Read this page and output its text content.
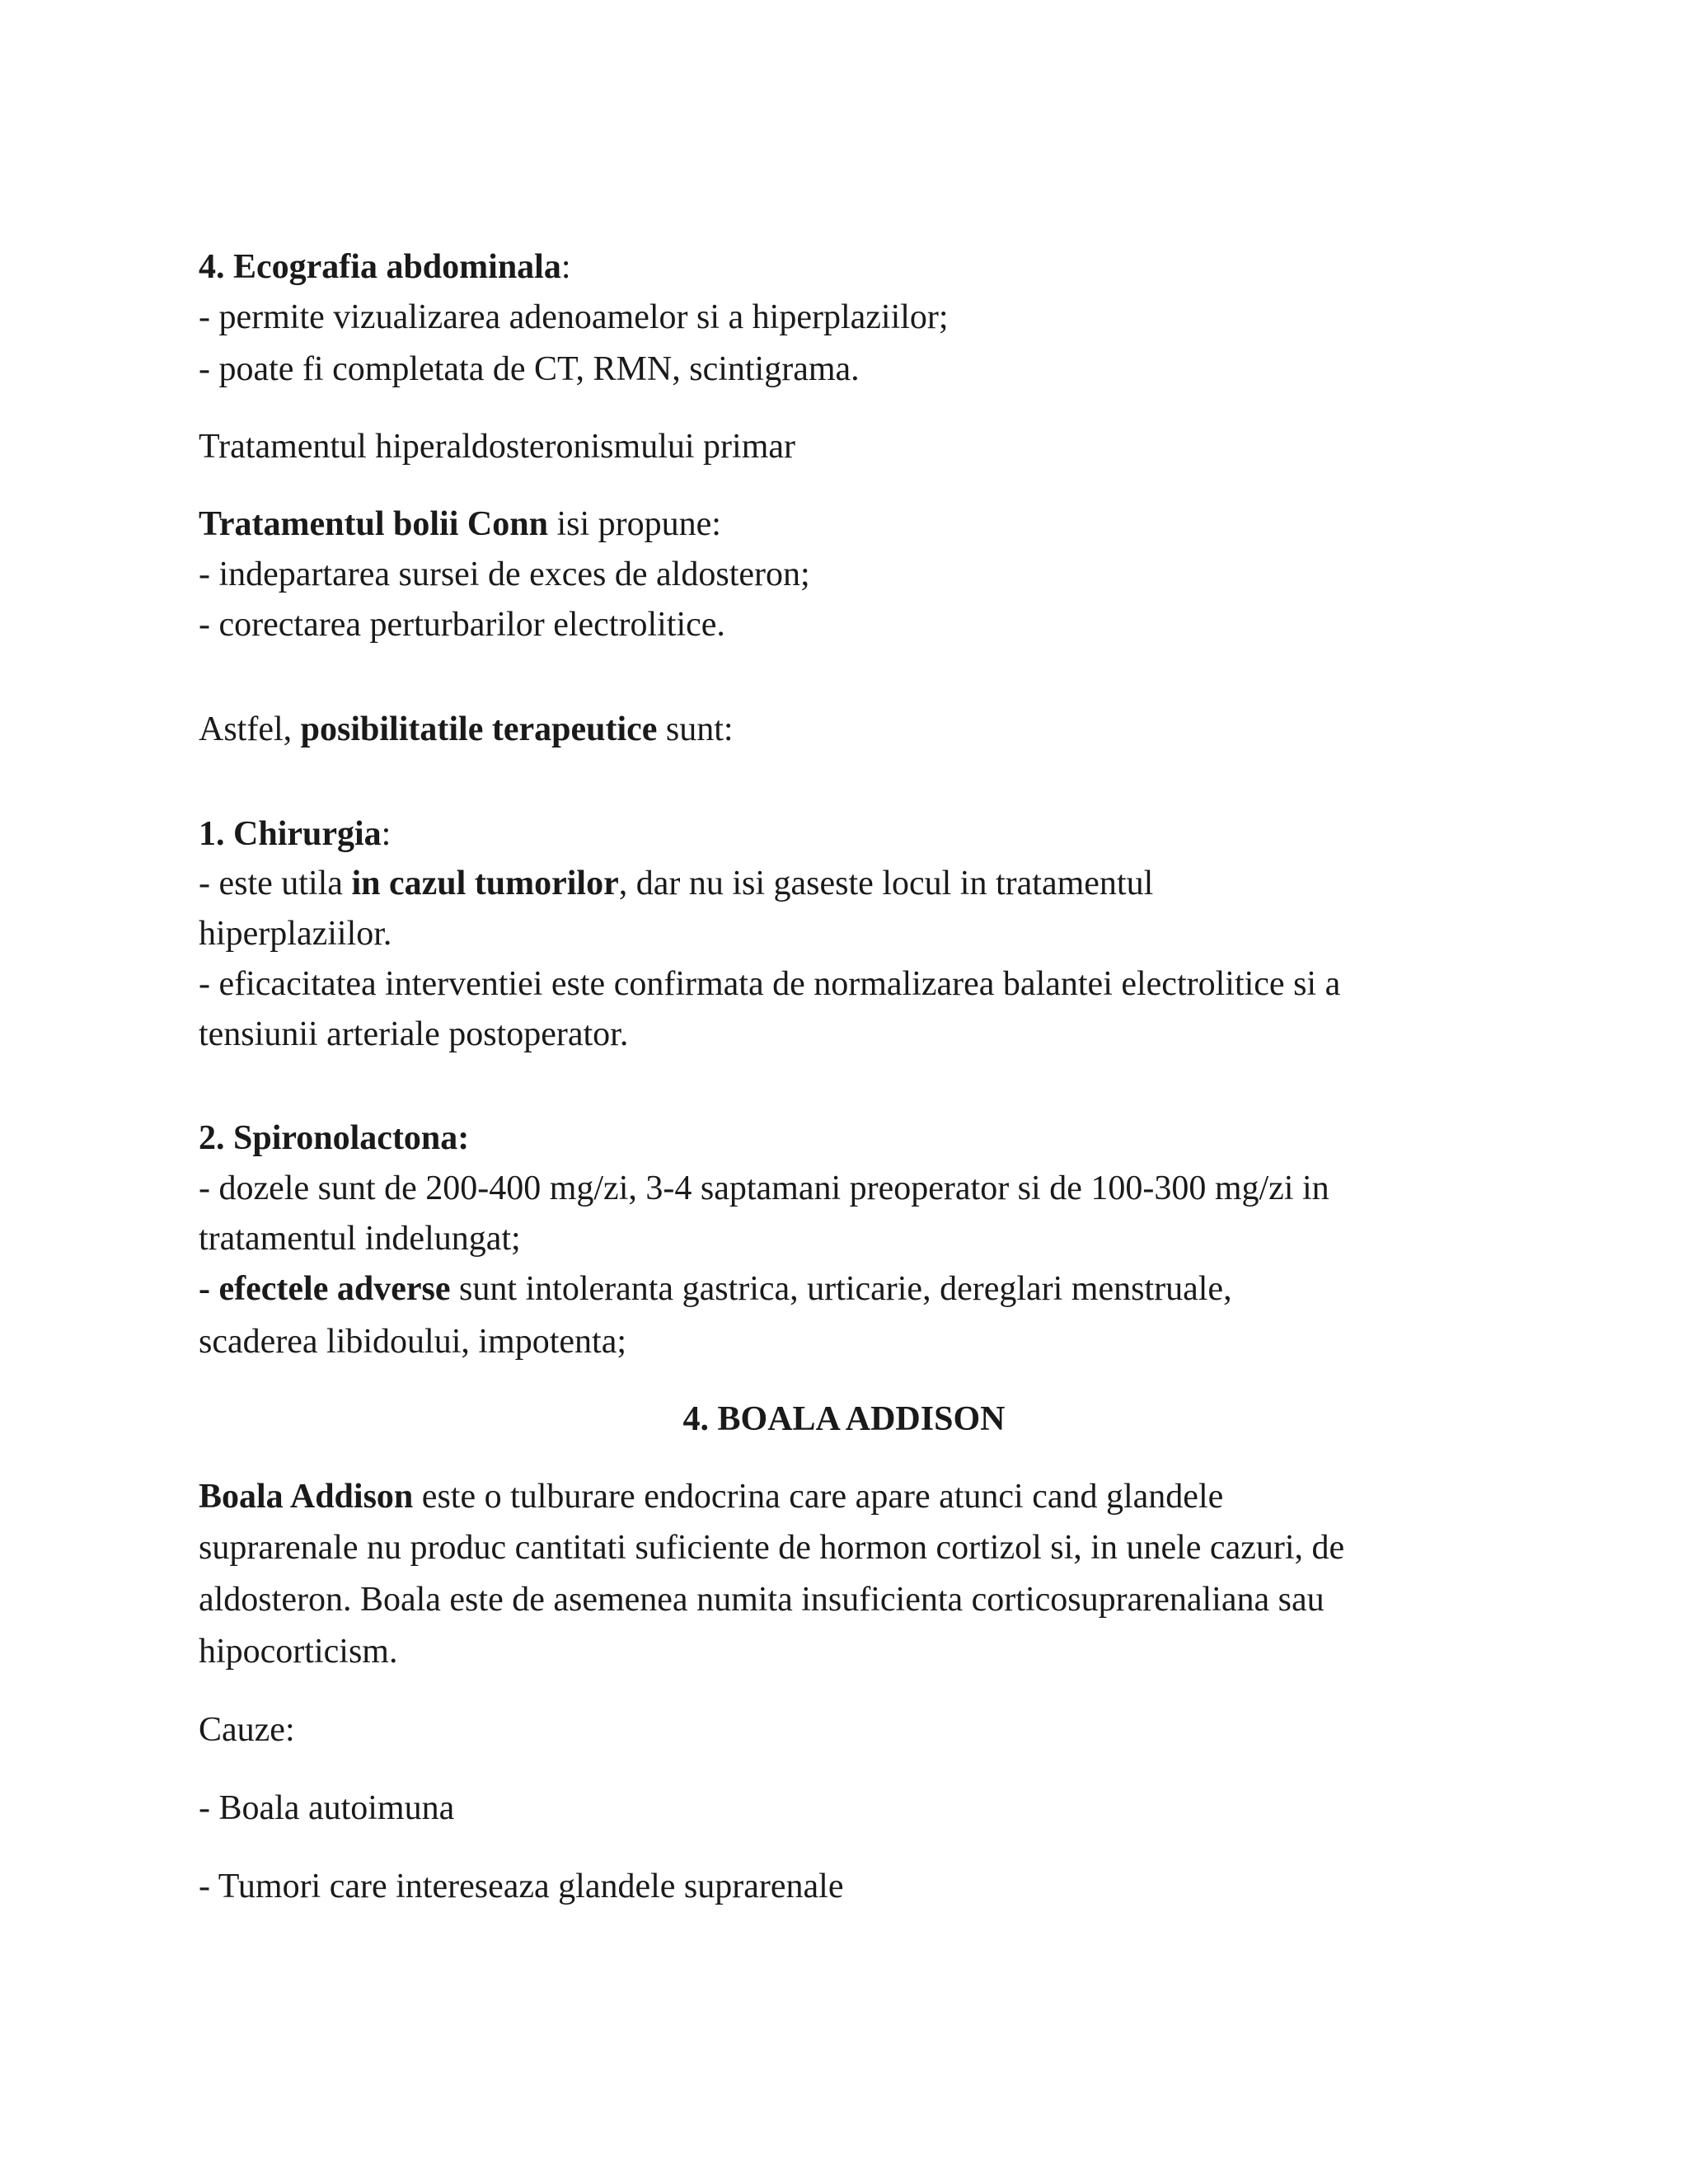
4. Ecografia abdominala:

- permite vizualizarea adenoamelor si a hiperplaziilor;

- poate fi completata de CT, RMN, scintigrama.

Tratamentul hiperaldosteronismului primar

Tratamentul bolii Conn isi propune:

- indepartarea sursei de exces de aldosteron;

- corectarea perturbarilor electrolitice.

Astfel, posibilitatile terapeutice sunt:

1. Chirurgia:

- este utila in cazul tumorilor, dar nu isi gaseste locul in tratamentul

hiperplaziilor.

- eficacitatea interventiei este confirmata de normalizarea balantei electrolitice si a

tensiunii arteriale postoperator.

2. Spironolactona:

- dozele sunt de 200-400 mg/zi, 3-4 saptamani preoperator si de 100-300 mg/zi in

tratamentul indelungat;

- efectele adverse sunt intoleranta gastrica, urticarie, dereglari menstruale,

scaderea libidoului, impotenta;

4. BOALA ADDISON

Boala Addison este o tulburare endocrina care apare atunci cand glandele

suprarenale nu produc cantitati suficiente de hormon cortizol si, in unele cazuri, de

aldosteron. Boala este de asemenea numita insuficienta corticosuprarenaliana sau

hipocorticism.

Cauze:

- Boala autoimuna

- Tumori care intereseaza glandele suprarenale
